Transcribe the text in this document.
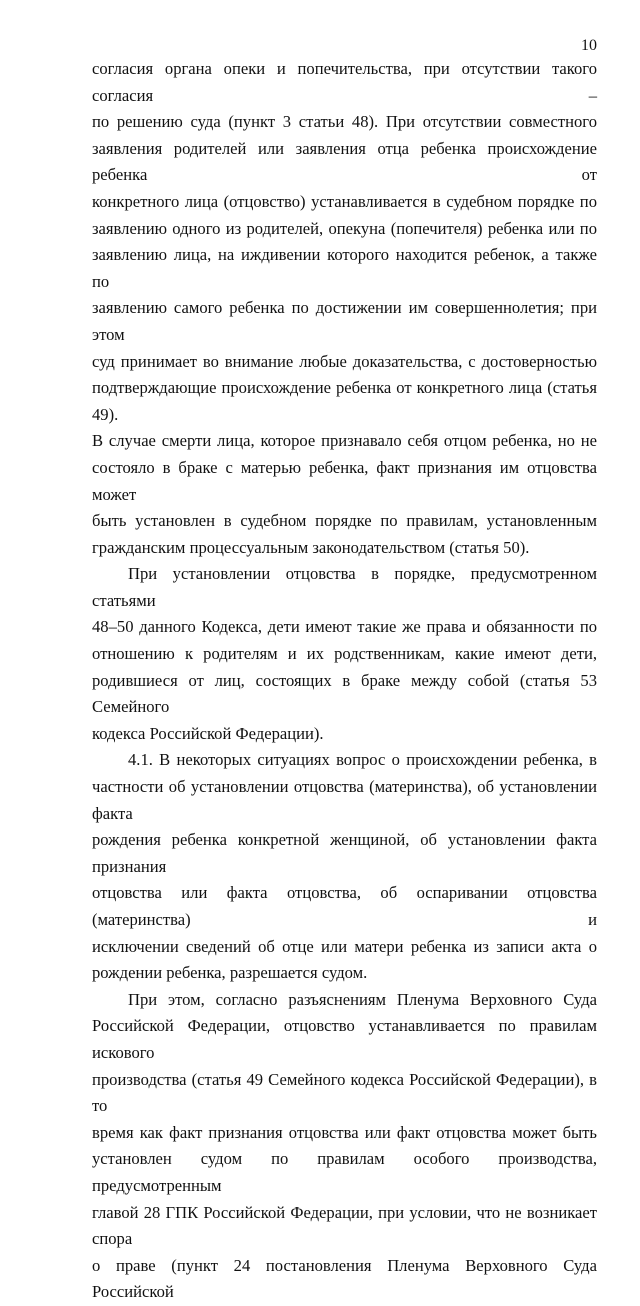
10

согласия органа опеки и попечительства, при отсутствии такого согласия –

по решению суда (пункт 3 статьи 48). При отсутствии совместного

заявления родителей или заявления отца ребенка происхождение ребенка от

конкретного лица (отцовство) устанавливается в судебном порядке по

заявлению одного из родителей, опекуна (попечителя) ребенка или по

заявлению лица, на иждивении которого находится ребенок, а также по

заявлению самого ребенка по достижении им совершеннолетия; при этом

суд принимает во внимание любые доказательства, с достоверностью

подтверждающие происхождение ребенка от конкретного лица (статья 49).

В случае смерти лица, которое признавало себя отцом ребенка, но не

состояло в браке с матерью ребенка, факт признания им отцовства может

быть установлен в судебном порядке по правилам, установленным

гражданским процессуальным законодательством (статья 50).

При установлении отцовства в порядке, предусмотренном статьями

48–50 данного Кодекса, дети имеют такие же права и обязанности по

отношению к родителям и их родственникам, какие имеют дети,

родившиеся от лиц, состоящих в браке между собой (статья 53 Семейного

кодекса Российской Федерации).

4.1. В некоторых ситуациях вопрос о происхождении ребенка, в

частности об установлении отцовства (материнства), об установлении факта

рождения ребенка конкретной женщиной, об установлении факта признания

отцовства или факта отцовства, об оспаривании отцовства (материнства) и

исключении сведений об отце или матери ребенка из записи акта о

рождении ребенка, разрешается судом.

При этом, согласно разъяснениям Пленума Верховного Суда

Российской Федерации, отцовство устанавливается по правилам искового

производства (статья 49 Семейного кодекса Российской Федерации), в то

время как факт признания отцовства или факт отцовства может быть

установлен судом по правилам особого производства, предусмотренным

главой 28 ГПК Российской Федерации, при условии, что не возникает спора

о праве (пункт 24 постановления Пленума Верховного Суда Российской
